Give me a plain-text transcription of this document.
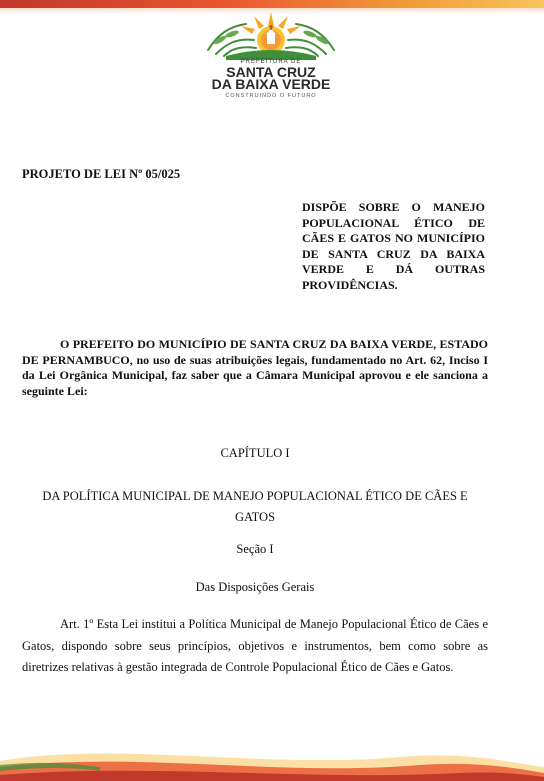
PREFEITURA DE
SANTA CRUZ
DA BAIXA VERDE
CONSTRUINDO O FUTURO
PROJETO DE LEI Nº 05/025
DISPÕE SOBRE O MANEJO POPULACIONAL ÉTICO DE CÃES E GATOS NO MUNICÍPIO DE SANTA CRUZ DA BAIXA VERDE E DÁ OUTRAS PROVIDÊNCIAS.
O PREFEITO DO MUNICÍPIO DE SANTA CRUZ DA BAIXA VERDE, ESTADO DE PERNAMBUCO, no uso de suas atribuições legais, fundamentado no Art. 62, Inciso I da Lei Orgânica Municipal, faz saber que a Câmara Municipal aprovou e ele sanciona a seguinte Lei:
CAPÍTULO I
DA POLÍTICA MUNICIPAL DE MANEJO POPULACIONAL ÉTICO DE CÃES E GATOS
Seção I
Das Disposições Gerais
Art. 1º Esta Lei institui a Política Municipal de Manejo Populacional Ético de Cães e Gatos, dispondo sobre seus princípios, objetivos e instrumentos, bem como sobre as diretrizes relativas à gestão integrada de Controle Populacional Ético de Cães e Gatos.
